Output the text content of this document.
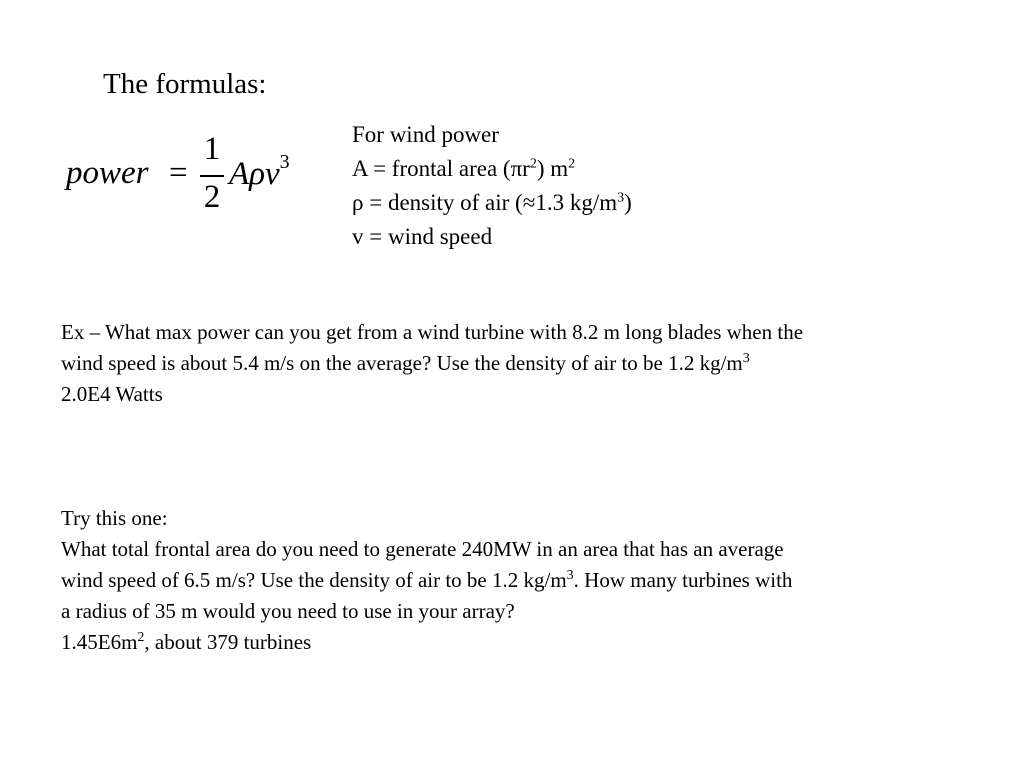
The formulas:
power =
1
2
Aρv$^3$
For wind power
A = frontal area $(\pi r^2)$ $m^2$
ρ = density of air (≈1.3 $kg/m^3$)
v = wind speed
Ex – What max power can you get from a wind turbine with 8.2 m long blades when the
wind speed is about 5.4 m/s on the average? Use the density of air to be 1.2 $kg/m^3$
2.0E4 Watts
Try this one:
What total frontal area do you need to generate 240MW in an area that has an average
wind speed of 6.5 m/s? Use the density of air to be 1.2 $kg/m^3$. How many turbines with
a radius of 35 m would you need to use in your array?
$1.45E6m^2$, about 379 turbines
